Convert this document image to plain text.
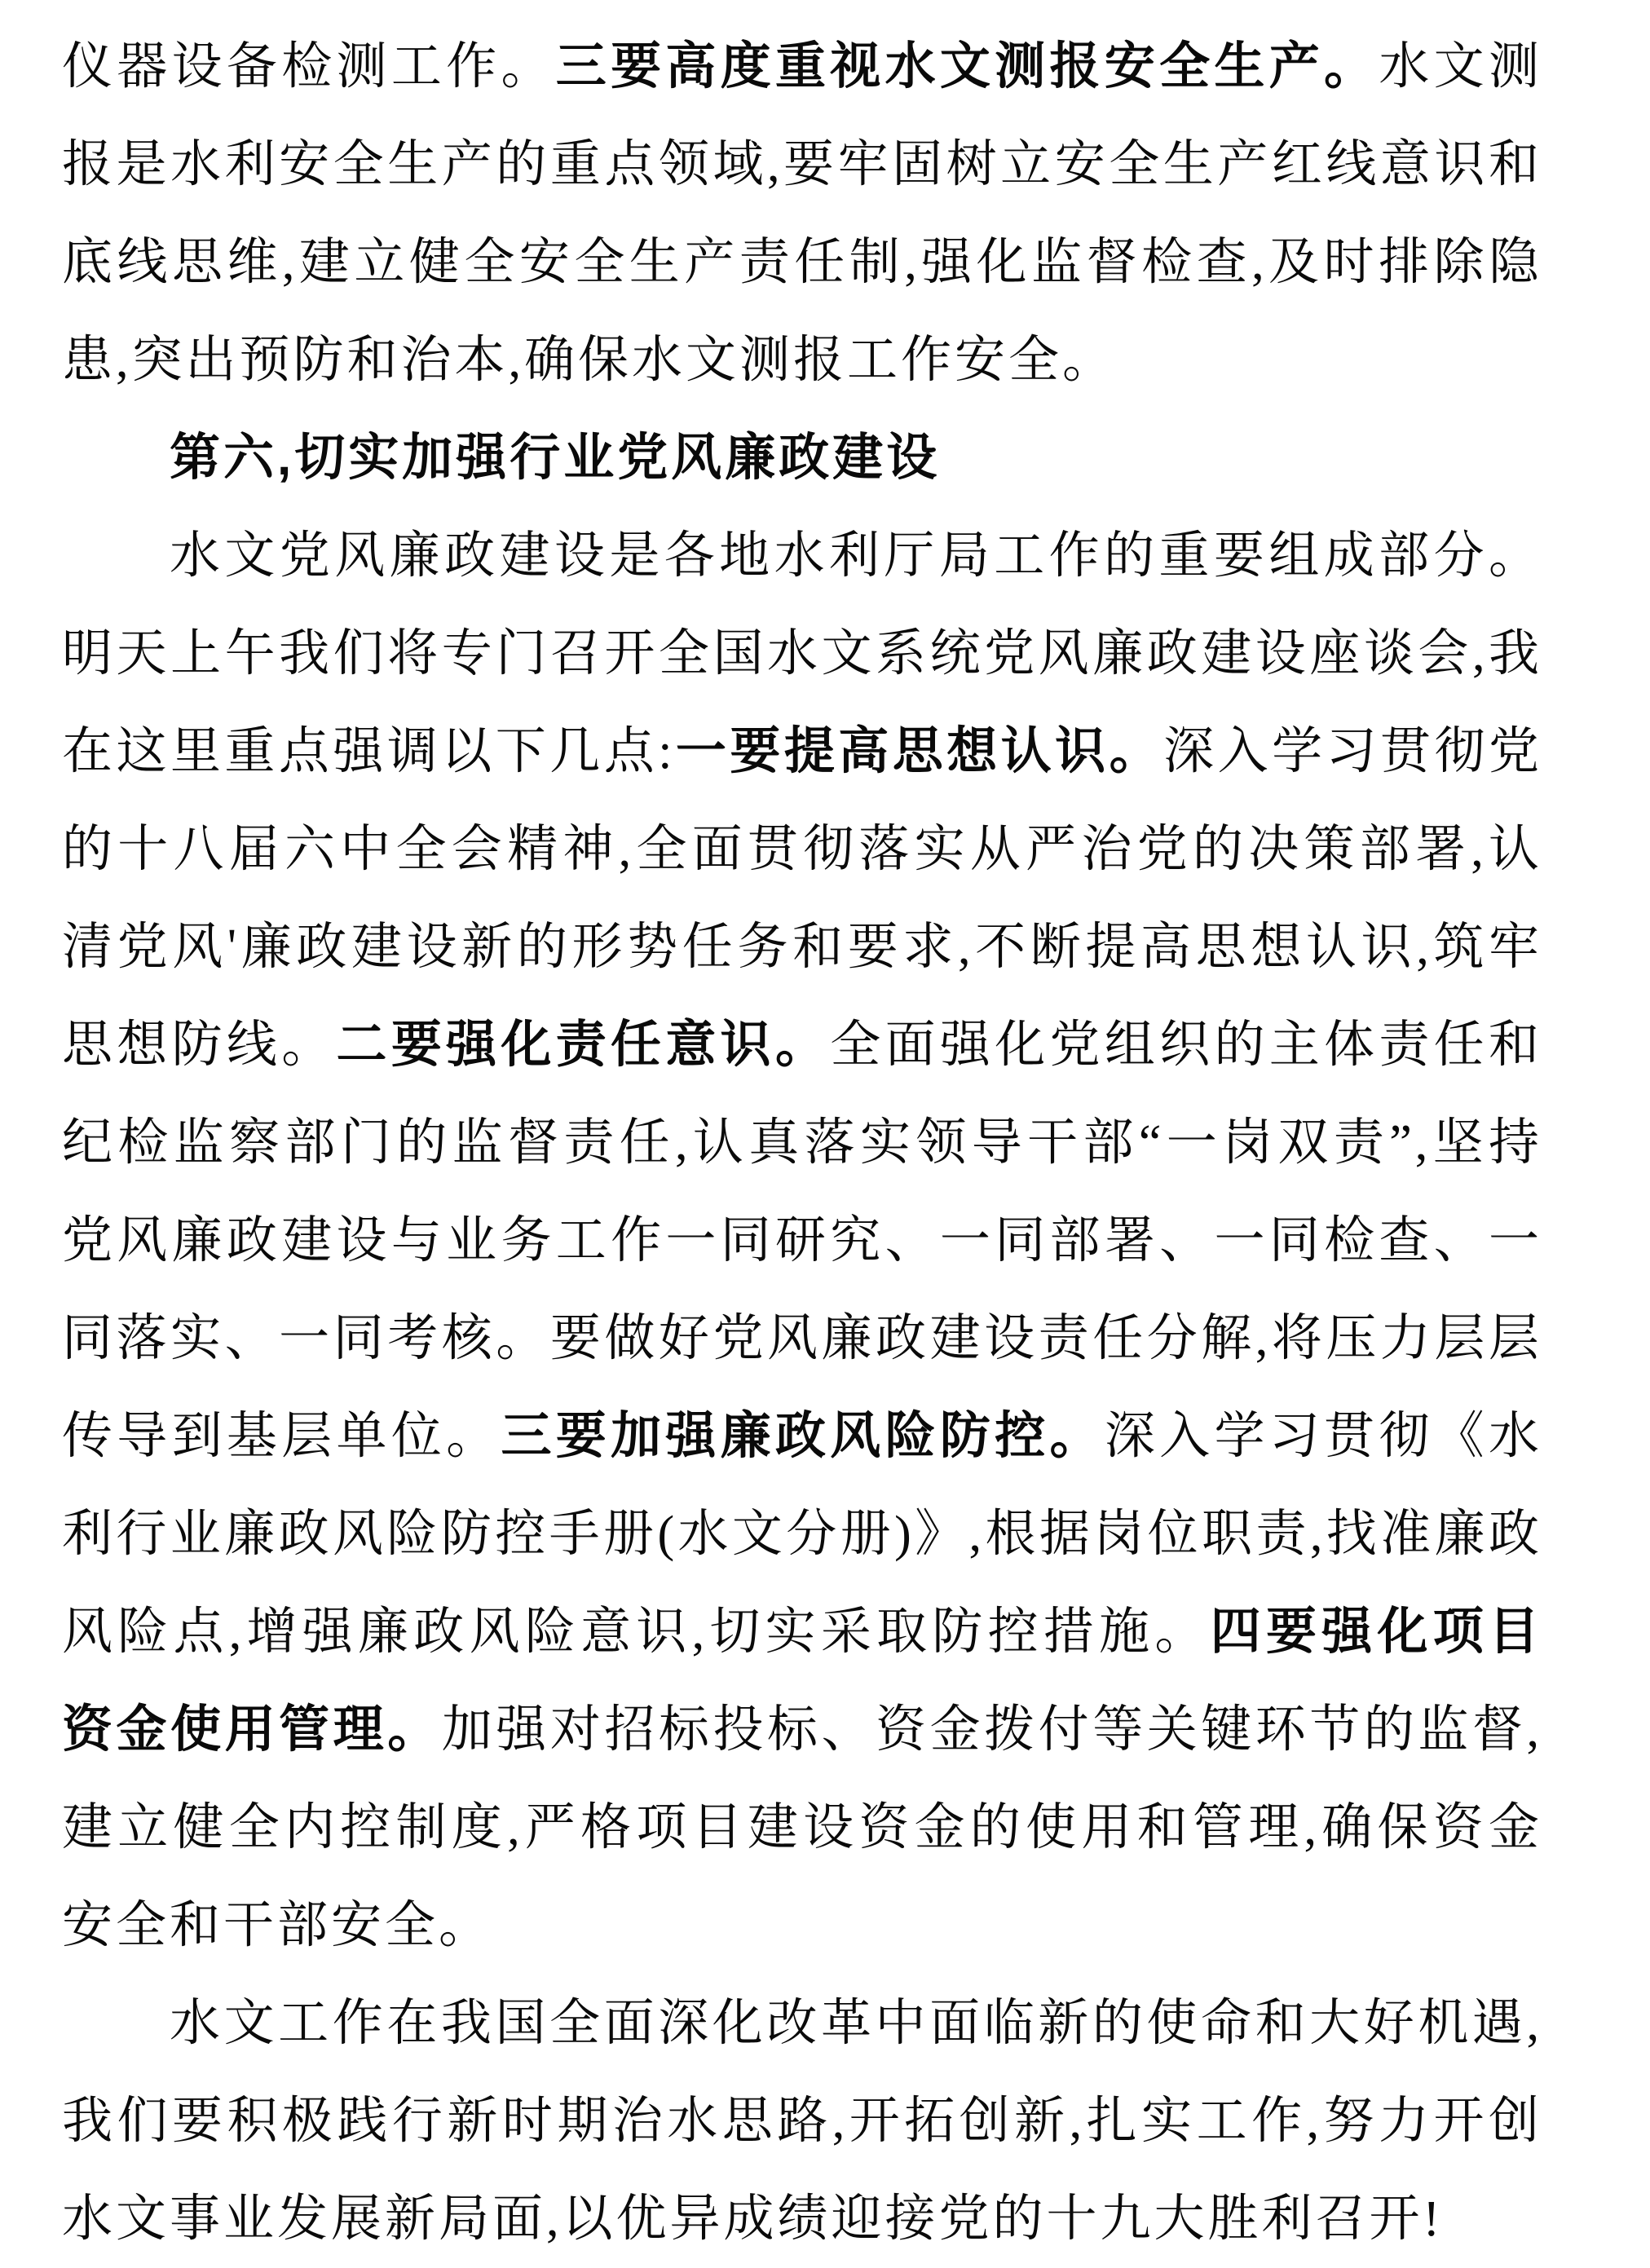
仪器设备检测工作。三要高度重视水文测报安全生产。水文测报是水利安全生产的重点领域,要牢固树立安全生产红线意识和底线思维,建立健全安全生产责任制,强化监督检查,及时排除隐患,突出预防和治本,确保水文测报工作安全。

第六,切实加强行业党风廉政建设

水文党风廉政建设是各地水利厅局工作的重要组成部分。明天上午我们将专门召开全国水文系统党风廉政建设座谈会,我在这里重点强调以下几点:一要提高思想认识。深入学习贯彻党的十八届六中全会精神,全面贯彻落实从严治党的决策部署,认清党风'廉政建设新的形势任务和要求,不断提高思想认识,筑牢思想防线。二要强化责任意识。全面强化党组织的主体责任和纪检监察部门的监督责任,认真落实领导干部“一岗双责”,坚持党风廉政建设与业务工作一同研究、一同部署、一同检查、一同落实、一同考核。要做好党风廉政建设责任分解,将压力层层传导到基层单位。三要加强廉政风险防控。深入学习贯彻《水利行业廉政风险防控手册(水文分册)》,根据岗位职责,找准廉政风险点,增强廉政风险意识,切实采取防控措施。四要强化项目资金使用管理。加强对招标投标、资金拨付等关键环节的监督,建立健全内控制度,严格项目建设资金的使用和管理,确保资金安全和干部安全。

水文工作在我国全面深化改革中面临新的使命和大好机遇,我们要积极践行新时期治水思路,开拓创新,扎实工作,努力开创水文事业发展新局面,以优异成绩迎接党的十九大胜利召开!
